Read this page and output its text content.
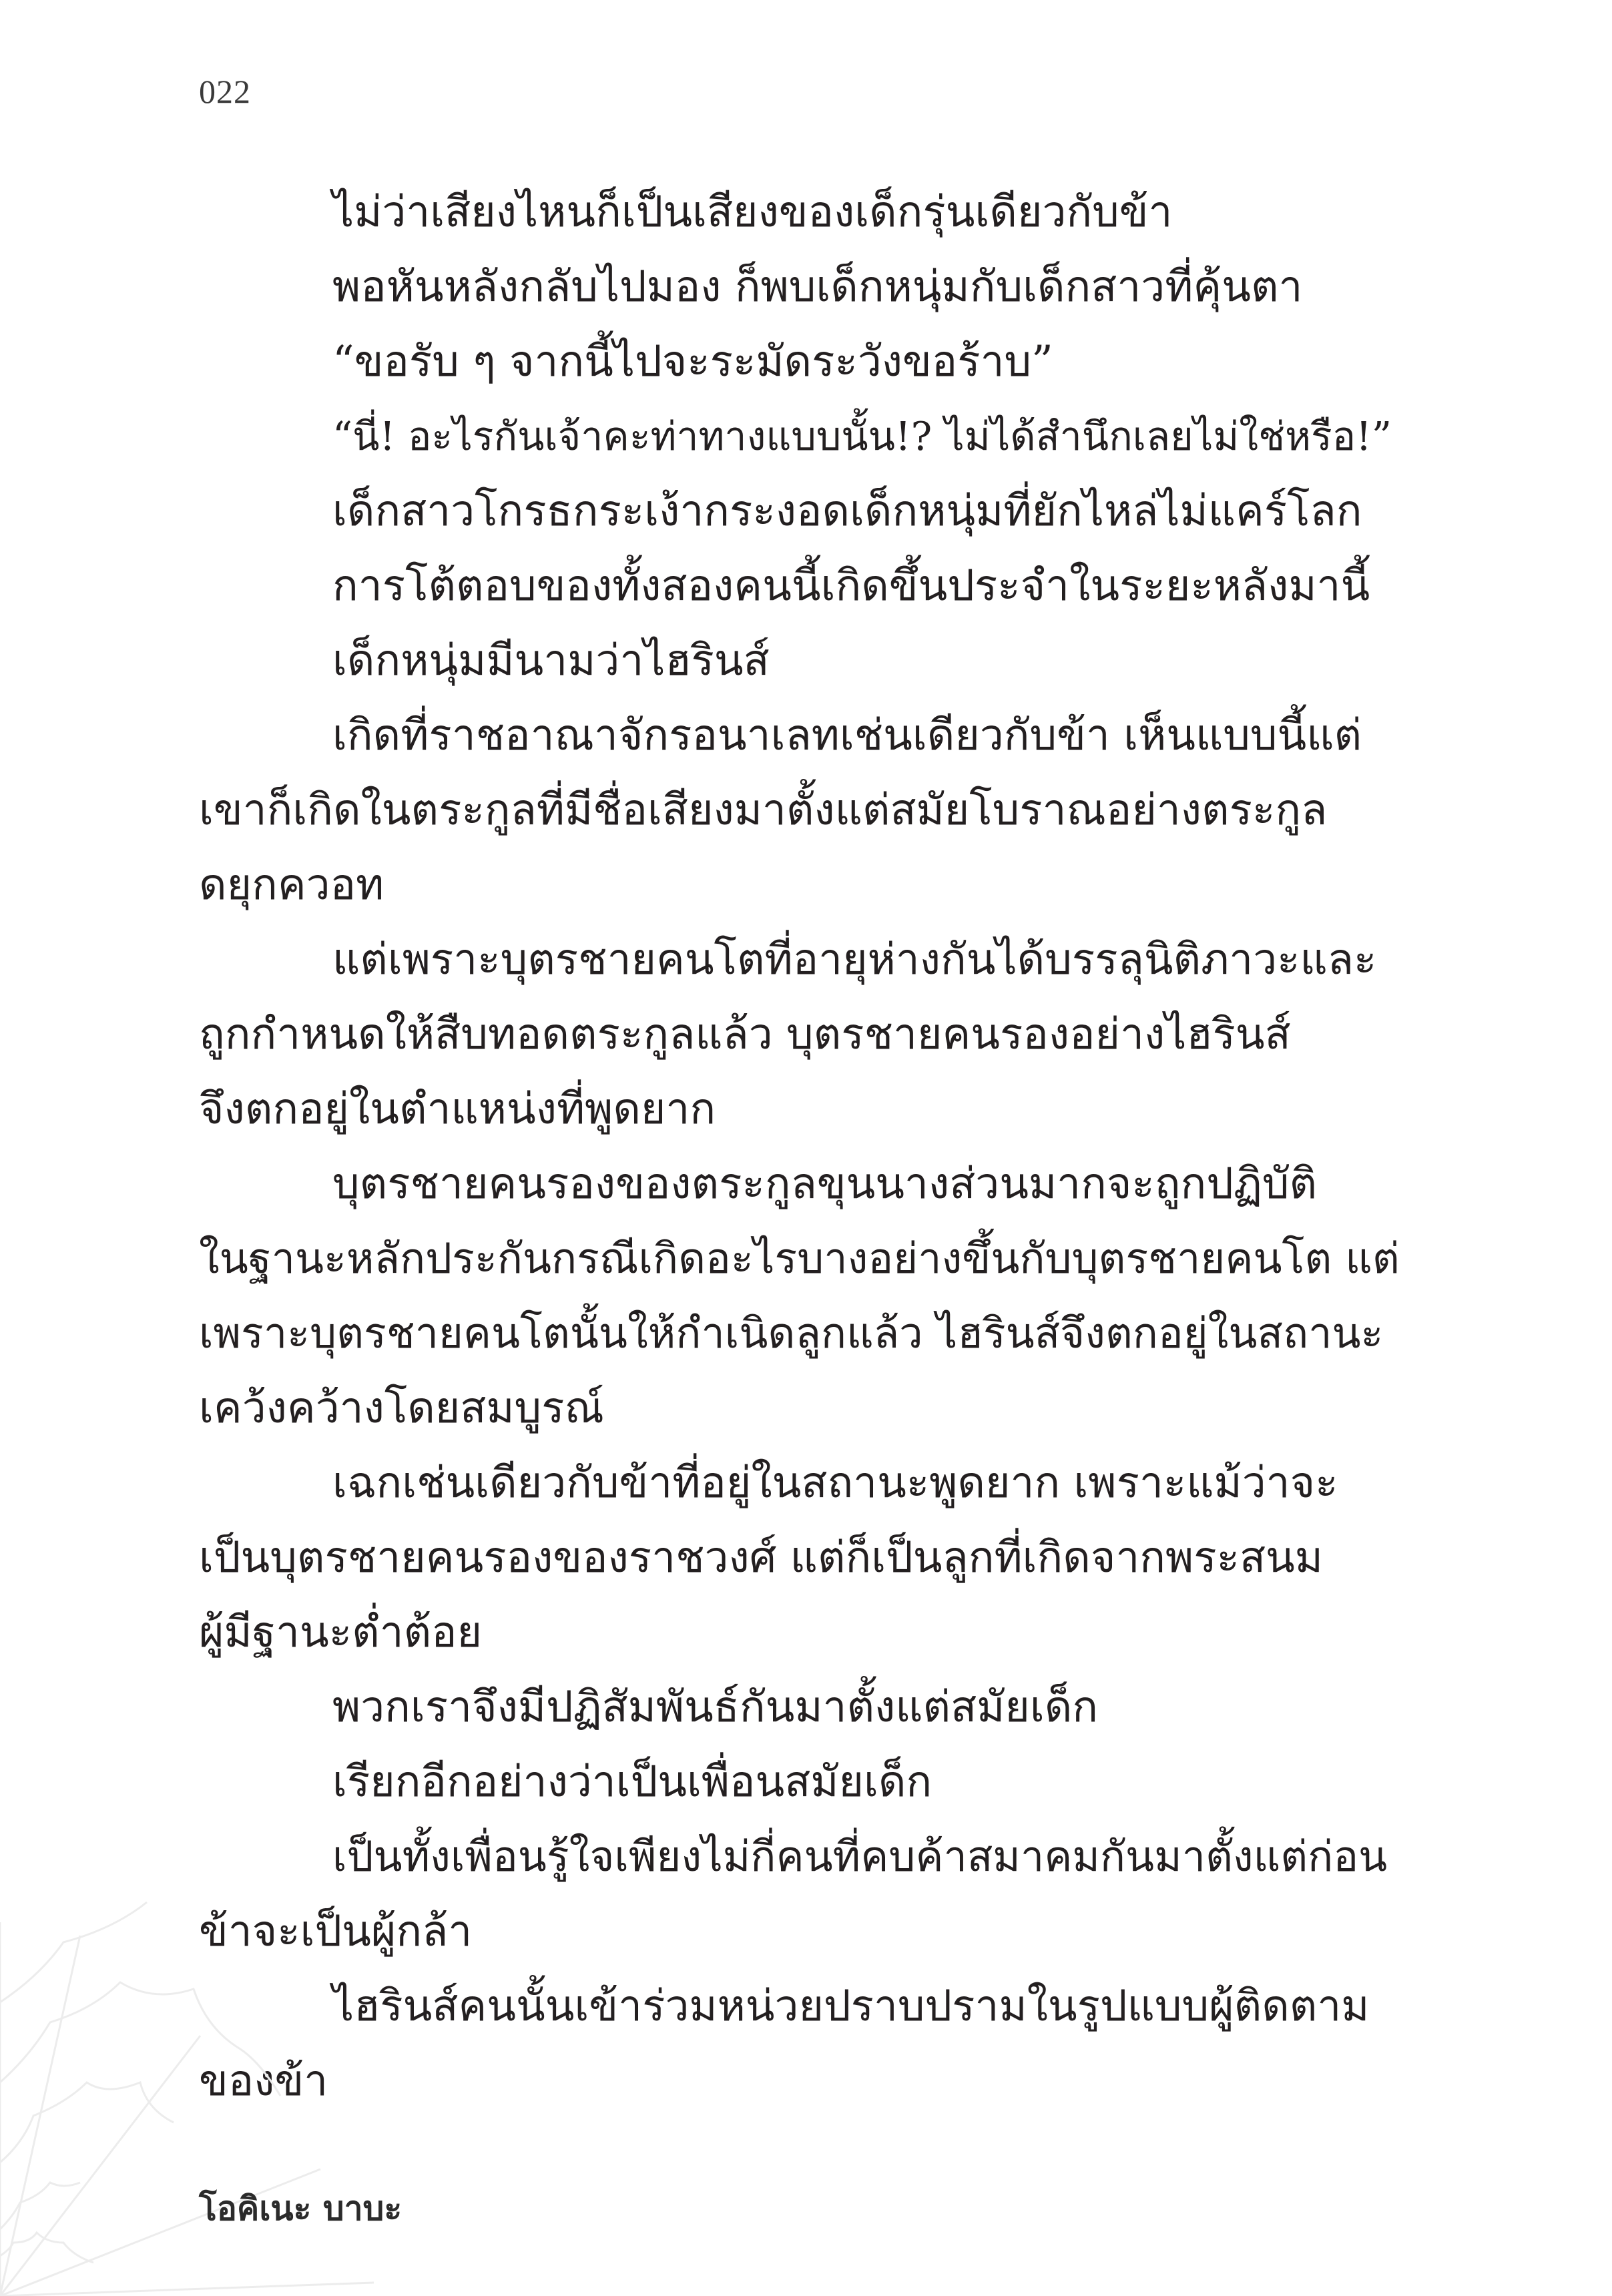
022
ไม่ว่าเสียงไหนก็เป็นเสียงของเด็กรุ่นเดียวกับข้า
พอหันหลังกลับไปมอง ก็พบเด็กหนุ่มกับเด็กสาวที่คุ้นตา
“ขอรับ ๆ จากนี้ไปจะระมัดระวังขอร้าบ”
“นี่! อะไรกันเจ้าคะท่าทางแบบนั้น!? ไม่ได้สำนึกเลยไม่ใช่หรือ!”
เด็กสาวโกรธกระเง้ากระงอดเด็กหนุ่มที่ยักไหล่ไม่แคร์โลก
การโต้ตอบของทั้งสองคนนี้เกิดขึ้นประจำในระยะหลังมานี้
เด็กหนุ่มมีนามว่าไฮรินส์
เกิดที่ราชอาณาจักรอนาเลทเช่นเดียวกับข้า เห็นแบบนี้แต่
เขาก็เกิดในตระกูลที่มีชื่อเสียงมาตั้งแต่สมัยโบราณอย่างตระกูล
ดยุกควอท
แต่เพราะบุตรชายคนโตที่อายุห่างกันได้บรรลุนิติภาวะและ
ถูกกำหนดให้สืบทอดตระกูลแล้ว บุตรชายคนรองอย่างไฮรินส์
จึงตกอยู่ในตำแหน่งที่พูดยาก
บุตรชายคนรองของตระกูลขุนนางส่วนมากจะถูกปฏิบัติ
ในฐานะหลักประกันกรณีเกิดอะไรบางอย่างขึ้นกับบุตรชายคนโต แต่
เพราะบุตรชายคนโตนั้นให้กำเนิดลูกแล้ว ไฮรินส์จึงตกอยู่ในสถานะ
เคว้งคว้างโดยสมบูรณ์
เฉกเช่นเดียวกับข้าที่อยู่ในสถานะพูดยาก เพราะแม้ว่าจะ
เป็นบุตรชายคนรองของราชวงศ์ แต่ก็เป็นลูกที่เกิดจากพระสนม
ผู้มีฐานะต่ำต้อย
พวกเราจึงมีปฏิสัมพันธ์กันมาตั้งแต่สมัยเด็ก
เรียกอีกอย่างว่าเป็นเพื่อนสมัยเด็ก
เป็นทั้งเพื่อนรู้ใจเพียงไม่กี่คนที่คบค้าสมาคมกันมาตั้งแต่ก่อน
ข้าจะเป็นผู้กล้า
ไฮรินส์คนนั้นเข้าร่วมหน่วยปราบปรามในรูปแบบผู้ติดตาม
ของข้า
โอคิเนะ บาบะ
